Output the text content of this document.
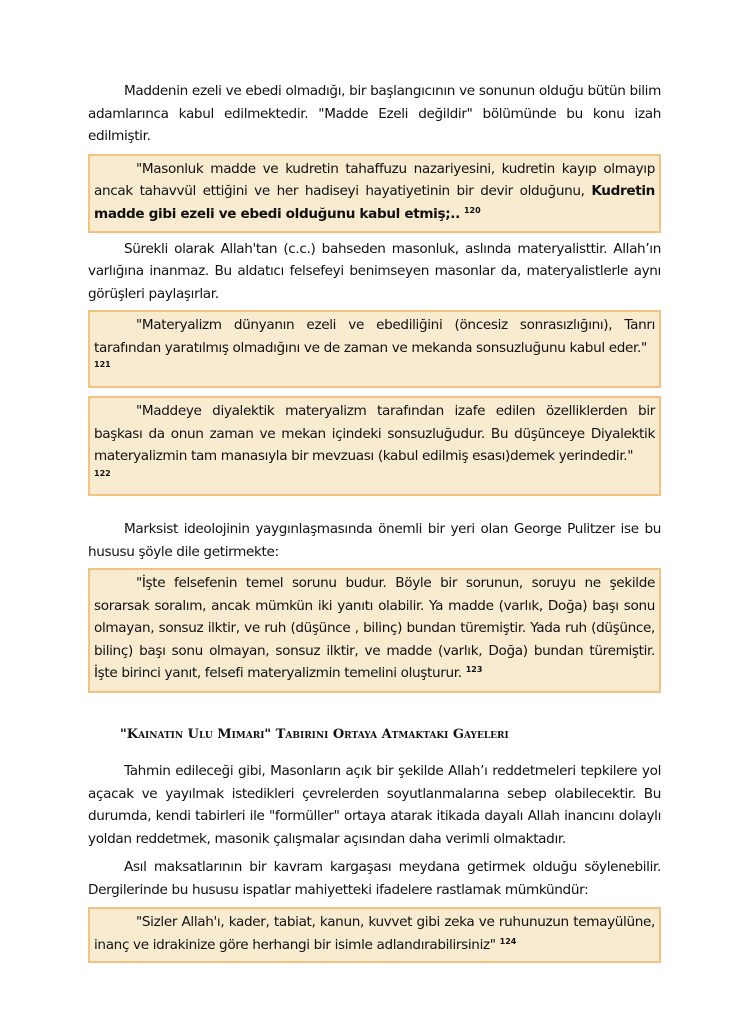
Maddenin ezeli ve ebedi olmadığı, bir başlangıcının ve sonunun olduğu bütün bilim adamlarınca kabul edilmektedir. "Madde Ezeli değildir" bölümünde bu konu izah edilmiştir.

"Masonluk madde ve kudretin tahaffuzu nazariyesini, kudretin kayıp olmayıp ancak tahavvül ettiğini ve her hadiseyi hayatiyetinin bir devir olduğunu, Kudretin madde gibi ezeli ve ebedi olduğunu kabul etmiş;.. $^{120}$

Sürekli olarak Allah'tan (c.c.) bahseden masonluk, aslında materyalisttir. Allah’ın varlığına inanmaz. Bu aldatıcı felsefeyi benimseyen masonlar da, materyalistlerle aynı görüşleri paylaşırlar.

"Materyalizm dünyanın ezeli ve ebediliğini (öncesiz sonrasızlığını), Tanrı tarafından yaratılmış olmadığını ve de zaman ve mekanda sonsuzluğunu kabul eder."
121
"Maddeye diyalektik materyalizm tarafından izafe edilen özelliklerden bir başkası da onun zaman ve mekan içindeki sonsuzluğudur. Bu düşünceye Diyalektik materyalizmin tam manasıyla bir mevzuası (kabul edilmiş esası)demek yerindedir."
122

Marksist ideolojinin yaygınlaşmasında önemli bir yeri olan George Pulitzer ise bu hususu şöyle dile getirmekte:

"İşte felsefenin temel sorunu budur. Böyle bir sorunun, soruyu ne şekilde sorarsak soralım, ancak mümkün iki yanıtı olabilir. Ya madde (varlık, Doğa) başı sonu olmayan, sonsuz ilktir, ve ruh (düşünce , bilinç) bundan türemiştir. Yada ruh (düşünce, bilinç) başı sonu olmayan, sonsuz ilktir, ve madde (varlık, Doğa) bundan türemiştir. İşte birinci yanıt, felsefi materyalizmin temelini oluşturur. $^{123}$
"Kainatın Ulu Mimari" Tabirini Ortaya Atmaktaki Gayeleri

Tahmin edileceği gibi, Masonların açık bir şekilde Allah’ı reddetmeleri tepkilere yol açacak ve yayılmak istedikleri çevrelerden soyutlanmalarına sebep olabilecektir. Bu durumda, kendi tabirleri ile "formüller" ortaya atarak itikada dayalı Allah inancını dolaylı yoldan reddetmek, masonik çalışmalar açısından daha verimli olmaktadır.

Asıl maksatlarının bir kavram kargaşası meydana getirmek olduğu söylenebilir. Dergilerinde bu hususu ispatlar mahiyetteki ifadelere rastlamak mümkündür:

"Sizler Allah'ı, kader, tabiat, kanun, kuvvet gibi zeka ve ruhunuzun temayülüne, inanç ve idrakinize göre herhangi bir isimle adlandırabilirsiniz" $^{124}$
